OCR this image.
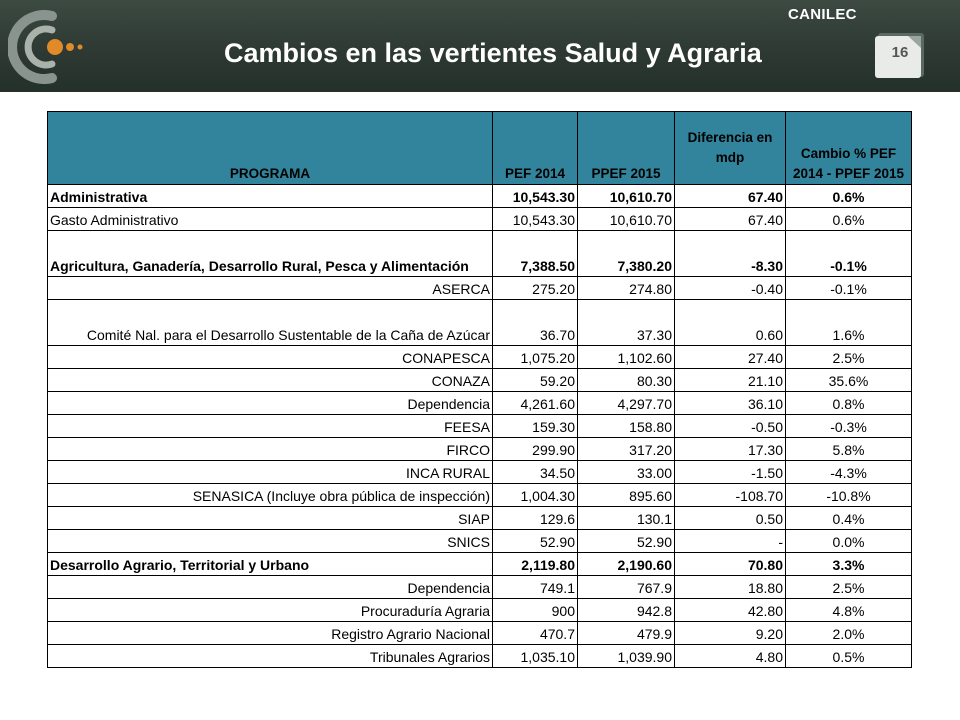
CANILEC
Cambios en las vertientes Salud y Agraria	16
PROGRAMA	PEF 2014	PPEF 2015	Diferencia en mdp	Cambio % PEF 2014 - PPEF 2015
Administrativa	10,543.30	10,610.70	67.40	0.6%
Gasto Administrativo	10,543.30	10,610.70	67.40	0.6%
Agricultura, Ganadería, Desarrollo Rural, Pesca y Alimentación	7,388.50	7,380.20	-8.30	-0.1%
ASERCA	275.20	274.80	-0.40	-0.1%
Comité Nal. para el Desarrollo Sustentable de la Caña de Azúcar	36.70	37.30	0.60	1.6%
CONAPESCA	1,075.20	1,102.60	27.40	2.5%
CONAZA	59.20	80.30	21.10	35.6%
Dependencia	4,261.60	4,297.70	36.10	0.8%
FEESA	159.30	158.80	-0.50	-0.3%
FIRCO	299.90	317.20	17.30	5.8%
INCA RURAL	34.50	33.00	-1.50	-4.3%
SENASICA (Incluye obra pública de inspección)	1,004.30	895.60	-108.70	-10.8%
SIAP	129.6	130.1	0.50	0.4%
SNICS	52.90	52.90	-	0.0%
Desarrollo Agrario, Territorial y Urbano	2,119.80	2,190.60	70.80	3.3%
Dependencia	749.1	767.9	18.80	2.5%
Procuraduría Agraria	900	942.8	42.80	4.8%
Registro Agrario Nacional	470.7	479.9	9.20	2.0%
Tribunales Agrarios	1,035.10	1,039.90	4.80	0.5%
